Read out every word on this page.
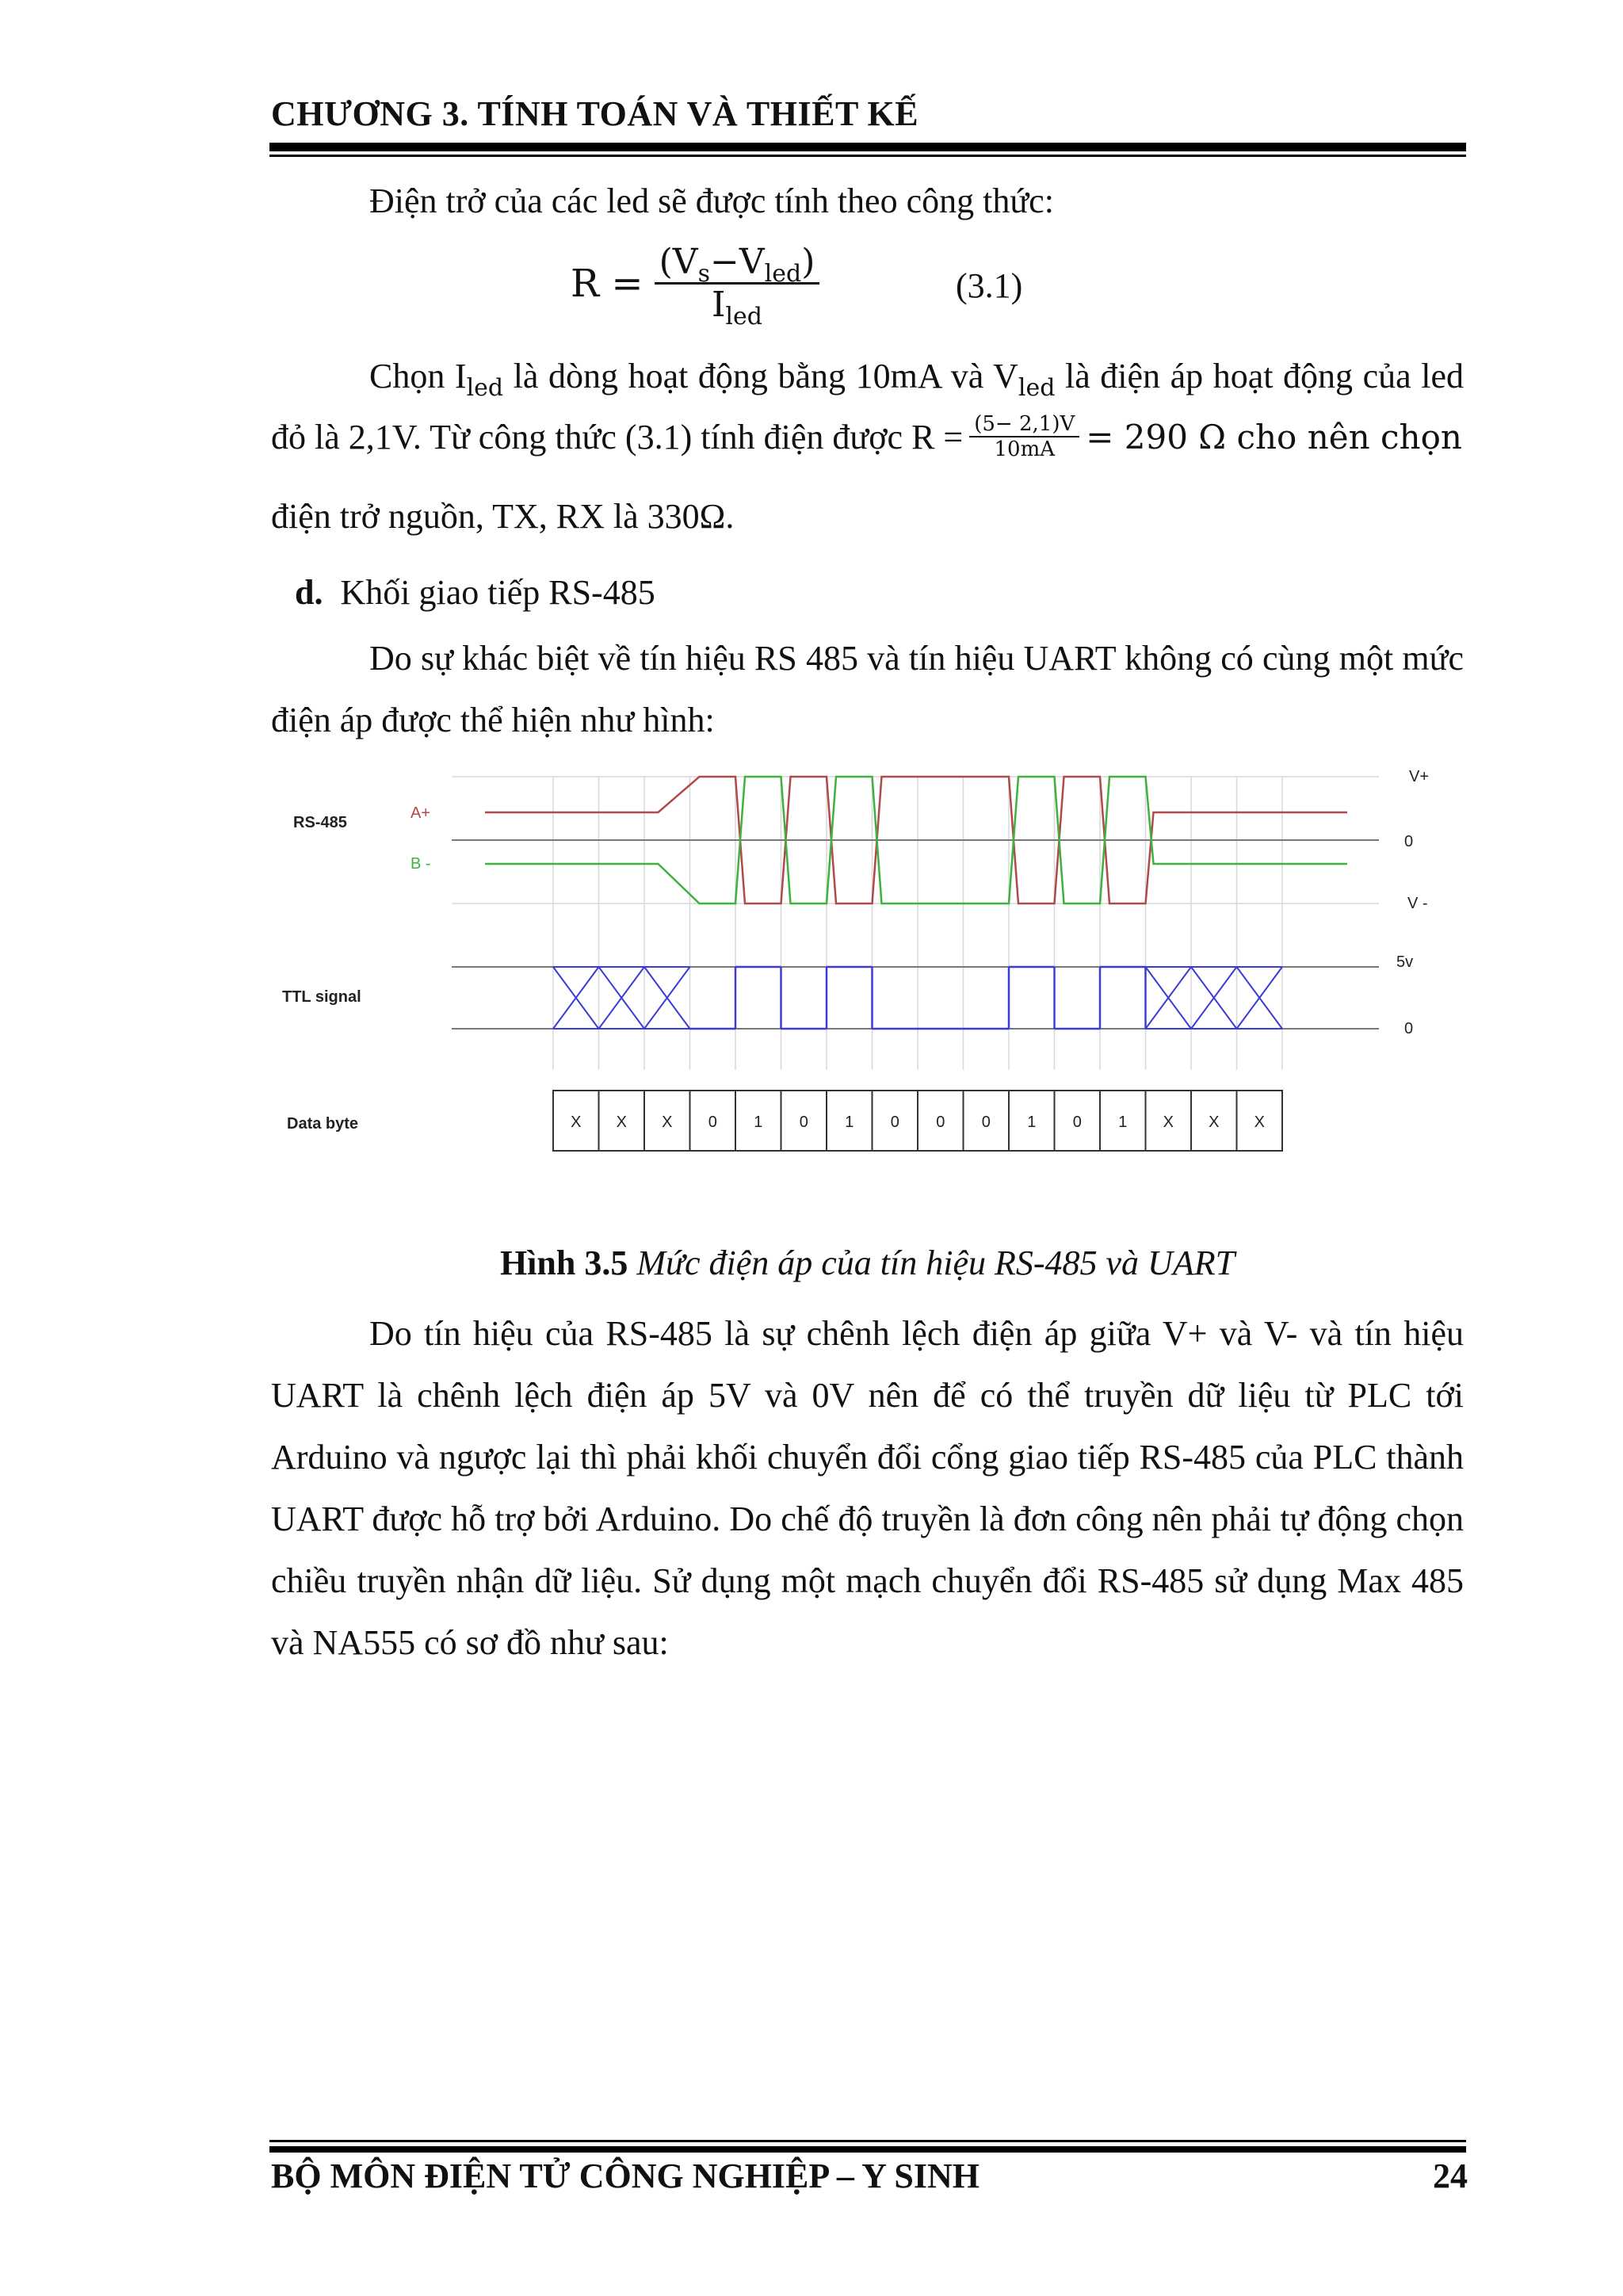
CHƯƠNG 3. TÍNH TOÁN VÀ THIẾT KẾ
Điện trở của các led sẽ được tính theo công thức:
$R = \frac{(V_s-V_{led})}{I_{led}}$	(3.1)
Chọn $I_{led}$ là dòng hoạt động bằng 10mA và $V_{led}$ là điện áp hoạt động của led
đỏ là 2,1V. Từ công thức (3.1) tính điện được $R = \frac{(5- 2,1)V}{10mA} = 290$ Ω cho nên chọn
điện trở nguồn, TX, RX là 330Ω.
d. Khối giao tiếp RS-485
Do sự khác biệt về tín hiệu RS 485 và tín hiệu UART không có cùng một mức điện áp được thể hiện như hình:
X X X 0 1 0 1 0 0 0 1 0 1 X X X
RS-485
A+
B -
TTL signal
Data byte
V+
0
V -
5v
0
Hình 3.5 Mức điện áp của tín hiệu RS-485 và UART
Do tín hiệu của RS-485 là sự chênh lệch điện áp giữa V+ và V- và tín hiệu UART là chênh lệch điện áp 5V và 0V nên để có thể truyền dữ liệu từ PLC tới Arduino và ngược lại thì phải khối chuyển đổi cổng giao tiếp RS-485 của PLC thành UART được hỗ trợ bởi Arduino. Do chế độ truyền là đơn công nên phải tự động chọn chiều truyền nhận dữ liệu. Sử dụng một mạch chuyển đổi RS-485 sử dụng Max 485 và NA555 có sơ đồ như sau:
BỘ MÔN ĐIỆN TỬ CÔNG NGHIỆP – Y SINH	24
